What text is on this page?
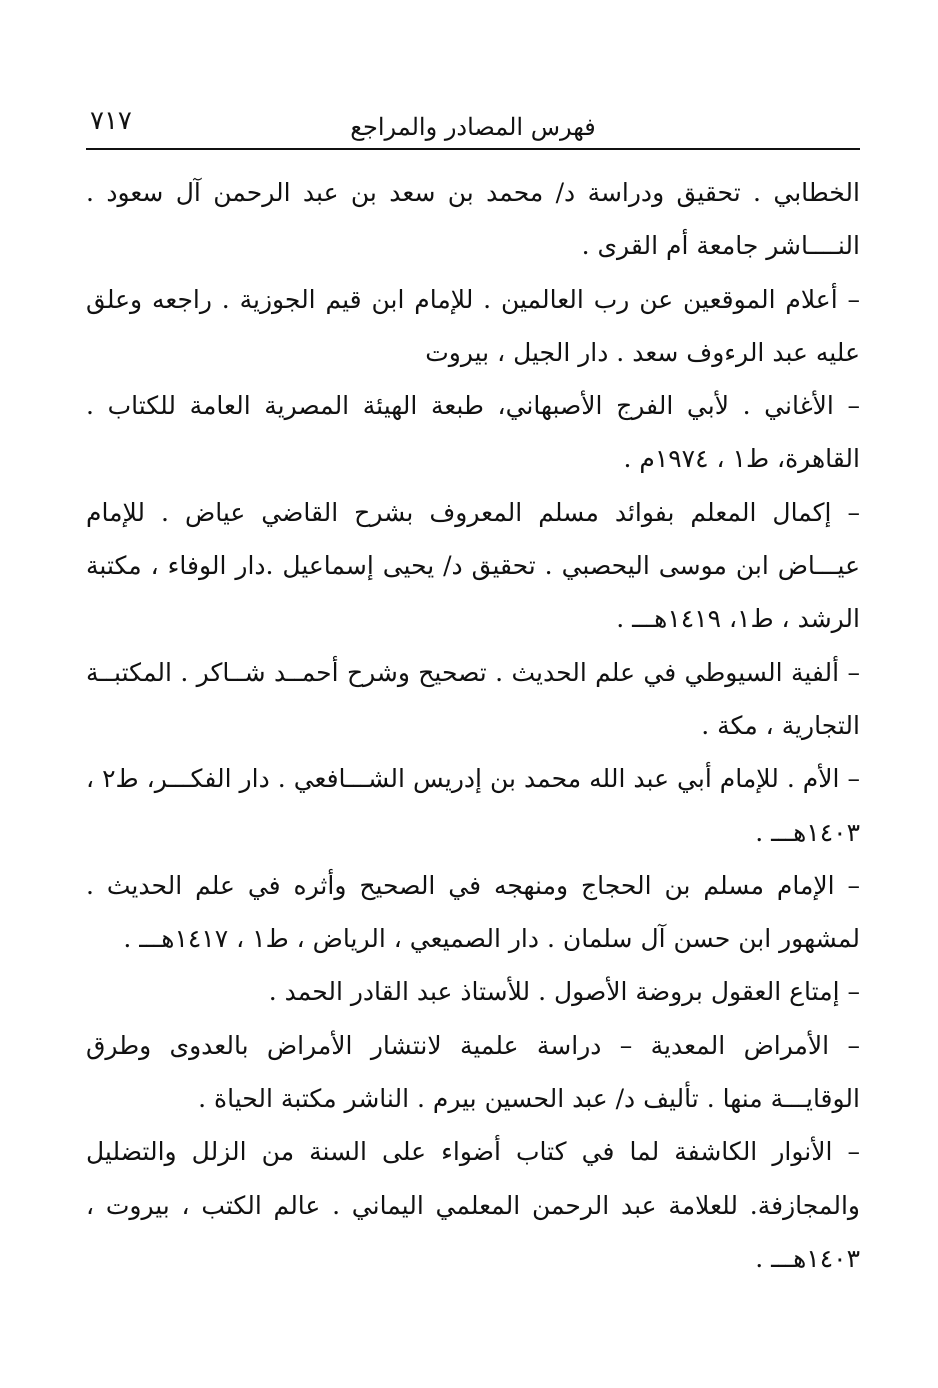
٧١٧	فهرس المصادر والمراجع

الخطابي . تحقيق ودراسة د/ محمد بن سعد بن عبد الرحمن آل سعود . النــــاشر جامعة أم القرى .

– أعلام الموقعين عن رب العالمين . للإمام ابن قيم الجوزية . راجعه وعلق عليه عبد الرءوف سعد . دار الجيل ، بيروت

– الأغاني . لأبي الفرج الأصبهاني، طبعة الهيئة المصرية العامة للكتاب . القاهرة، ط١ ، ١٩٧٤م .

– إكمال المعلم بفوائد مسلم المعروف بشرح القاضي عياض . للإمام عيـــاض ابن موسى اليحصبي . تحقيق د/ يحيى إسماعيل .دار الوفاء ، مكتبة الرشد ، ط١، ١٤١٩هـــ .

– ألفية السيوطي في علم الحديث . تصحيح وشرح أحمــد شــاكر . المكتبــة التجارية ، مكة .

– الأم . للإمام أبي عبد الله محمد بن إدريس الشـــافعي . دار الفكـــر، ط٢ ، ١٤٠٣هـــ .

– الإمام مسلم بن الحجاج ومنهجه في الصحيح وأثره في علم الحديث . لمشهور ابن حسن آل سلمان . دار الصميعي ، الرياض ، ط١ ، ١٤١٧هـــ .

– إمتاع العقول بروضة الأصول . للأستاذ عبد القادر الحمد .

– الأمراض المعدية – دراسة علمية لانتشار الأمراض بالعدوى وطرق الوقايـــة منها . تأليف د/ عبد الحسين بيرم . الناشر مكتبة الحياة .

– الأنوار الكاشفة لما في كتاب أضواء على السنة من الزلل والتضليل والمجازفة. للعلامة عبد الرحمن المعلمي اليماني . عالم الكتب ، بيروت ، ١٤٠٣هـــ .
